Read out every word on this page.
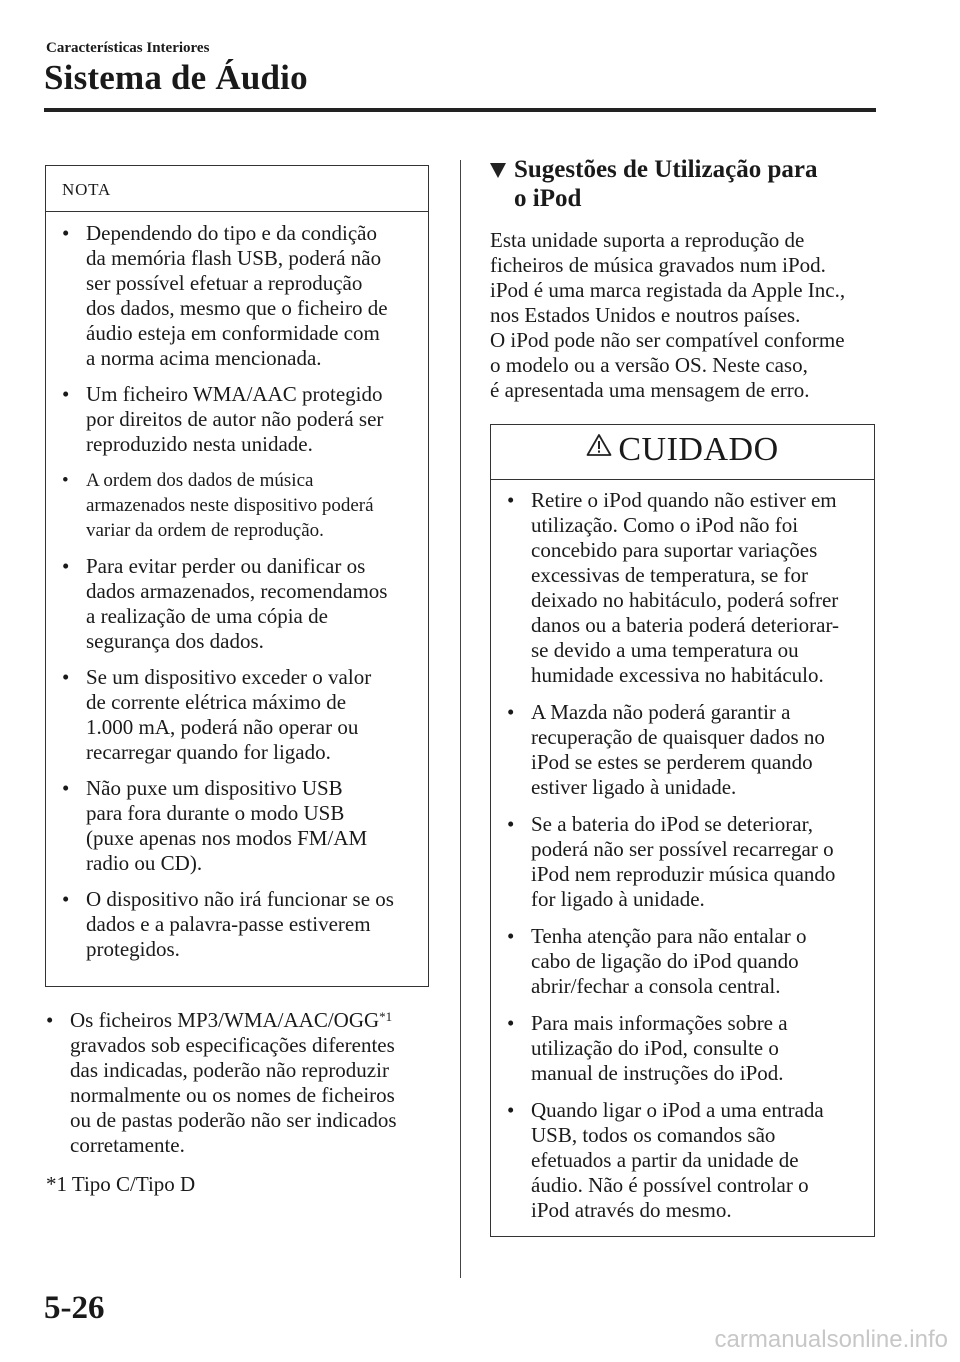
Características Interiores
Sistema de Áudio
NOTA
• Dependendo do tipo e da condição
da memória flash USB, poderá não
ser possível efetuar a reprodução
dos dados, mesmo que o ficheiro de
áudio esteja em conformidade com
a norma acima mencionada.
• Um ficheiro WMA/AAC protegido
por direitos de autor não poderá ser
reproduzido nesta unidade.
• A ordem dos dados de música
armazenados neste dispositivo poderá
variar da ordem de reprodução.
• Para evitar perder ou danificar os
dados armazenados, recomendamos
a realização de uma cópia de
segurança dos dados.
• Se um dispositivo exceder o valor
de corrente elétrica máximo de
1.000 mA, poderá não operar ou
recarregar quando for ligado.
• Não puxe um dispositivo USB
para fora durante o modo USB
(puxe apenas nos modos FM/AM
radio ou CD).
• O dispositivo não irá funcionar se os
dados e a palavra-passe estiverem
protegidos.
• Os ficheiros MP3/WMA/AAC/OGG$^{*1}$
gravados sob especificações diferentes
das indicadas, poderão não reproduzir
normalmente ou os nomes de ficheiros
ou de pastas poderão não ser indicados
corretamente.
*1 Tipo C/Tipo D
Sugestões de Utilização para
o iPod
Esta unidade suporta a reprodução de
ficheiros de música gravados num iPod.
iPod é uma marca registada da Apple Inc.,
nos Estados Unidos e noutros países.
O iPod pode não ser compatível conforme
o modelo ou a versão OS. Neste caso,
é apresentada uma mensagem de erro.
CUIDADO
• Retire o iPod quando não estiver em
utilização. Como o iPod não foi
concebido para suportar variações
excessivas de temperatura, se for
deixado no habitáculo, poderá sofrer
danos ou a bateria poderá deteriorar-
se devido a uma temperatura ou
humidade excessiva no habitáculo.
• A Mazda não poderá garantir a
recuperação de quaisquer dados no
iPod se estes se perderem quando
estiver ligado à unidade.
• Se a bateria do iPod se deteriorar,
poderá não ser possível recarregar o
iPod nem reproduzir música quando
for ligado à unidade.
• Tenha atenção para não entalar o
cabo de ligação do iPod quando
abrir/fechar a consola central.
• Para mais informações sobre a
utilização do iPod, consulte o
manual de instruções do iPod.
• Quando ligar o iPod a uma entrada
USB, todos os comandos são
efetuados a partir da unidade de
áudio. Não é possível controlar o
iPod através do mesmo.
5-26
carmanualsonline.info
